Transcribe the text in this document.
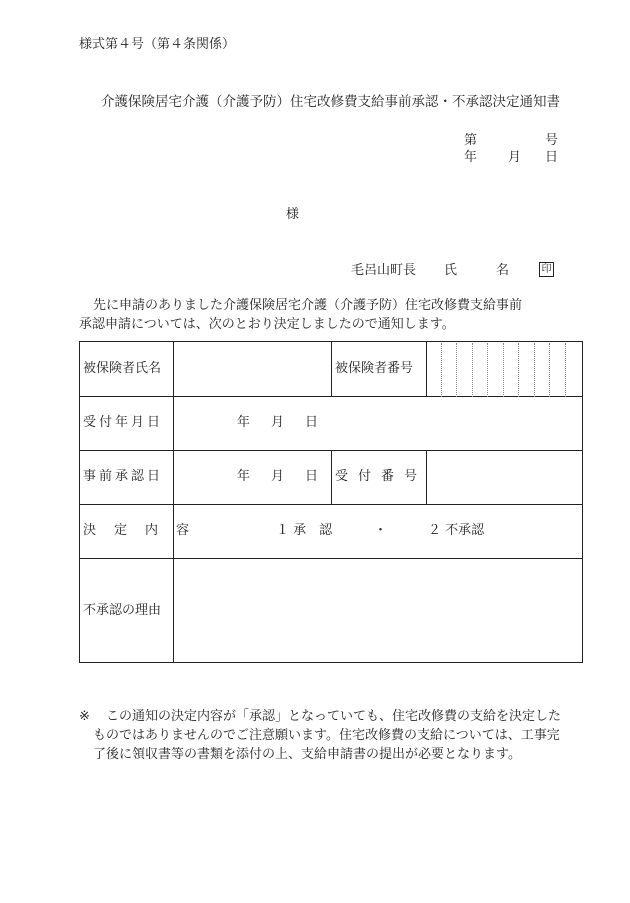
様式第４号（第４条関係）
介護保険居宅介護（介護予防）住宅改修費支給事前承認・不承認決定通知書
第	号
年 月 日
様
毛呂山町長 氏	名	印
先に申請のありました介護保険居宅介護（介護予防）住宅改修費支給事前
承認申請については、次のとおり決定しましたので通知します。
被保険者氏名	被保険者番号
受付年月日	年 月 日
事前承認日	年 月 日 受付番号
決定内容	１ 承　認	・	２ 不承認
不承認の理由
※ この通知の決定内容が「承認」となっていても、住宅改修費の支給を決定した
ものではありませんのでご注意願います。住宅改修費の支給については、工事完
了後に領収書等の書類を添付の上、支給申請書の提出が必要となります。
